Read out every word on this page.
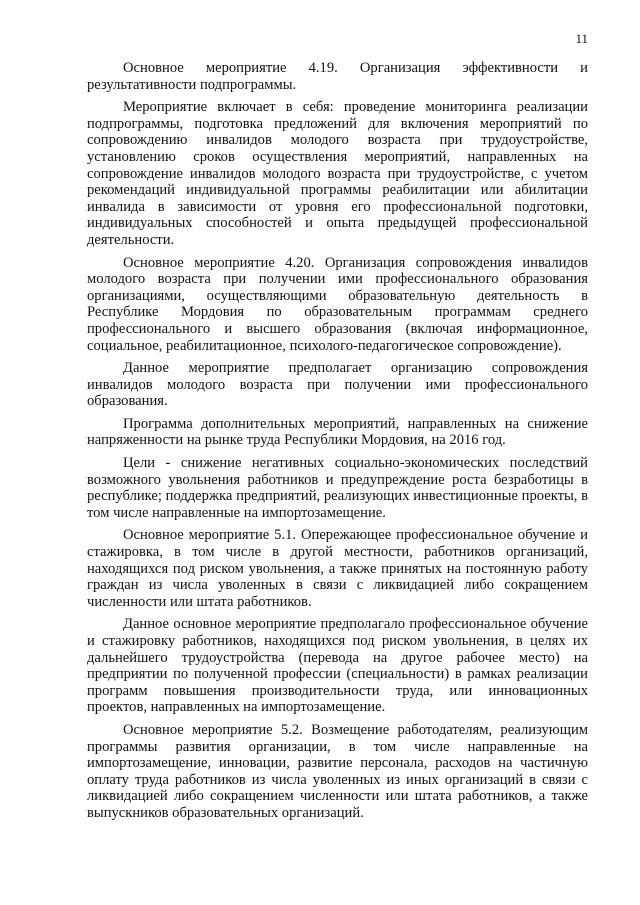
11

Основное мероприятие 4.19. Организация эффективности и результативности подпрограммы.

Мероприятие включает в себя: проведение мониторинга реализации подпрограммы, подготовка предложений для включения мероприятий по сопровождению инвалидов молодого возраста при трудоустройстве, установлению сроков осуществления мероприятий, направленных на сопровождение инвалидов молодого возраста при трудоустройстве, с учетом рекомендаций индивидуальной программы реабилитации или абилитации инвалида в зависимости от уровня его профессиональной подготовки, индивидуальных способностей и опыта предыдущей профессиональной деятельности.

Основное мероприятие 4.20. Организация сопровождения инвалидов молодого возраста при получении ими профессионального образования организациями, осуществляющими образовательную деятельность в Республике Мордовия по образовательным программам среднего профессионального и высшего образования (включая информационное, социальное, реабилитационное, психолого-педагогическое сопровождение).

Данное мероприятие предполагает организацию сопровождения инвалидов молодого возраста при получении ими профессионального образования.

Программа дополнительных мероприятий, направленных на снижение напряженности на рынке труда Республики Мордовия, на 2016 год.

Цели - снижение негативных социально-экономических последствий возможного увольнения работников и предупреждение роста безработицы в республике; поддержка предприятий, реализующих инвестиционные проекты, в том числе направленные на импортозамещение.

Основное мероприятие 5.1. Опережающее профессиональное обучение и стажировка, в том числе в другой местности, работников организаций, находящихся под риском увольнения, а также принятых на постоянную работу граждан из числа уволенных в связи с ликвидацией либо сокращением численности или штата работников.

Данное основное мероприятие предполагало профессиональное обучение и стажировку работников, находящихся под риском увольнения, в целях их дальнейшего трудоустройства (перевода на другое рабочее место) на предприятии по полученной профессии (специальности) в рамках реализации программ повышения производительности труда, или инновационных проектов, направленных на импортозамещение.

Основное мероприятие 5.2. Возмещение работодателям, реализующим программы развития организации, в том числе направленные на импортозамещение, инновации, развитие персонала, расходов на частичную оплату труда работников из числа уволенных из иных организаций в связи с ликвидацией либо сокращением численности или штата работников, а также выпускников образовательных организаций.
